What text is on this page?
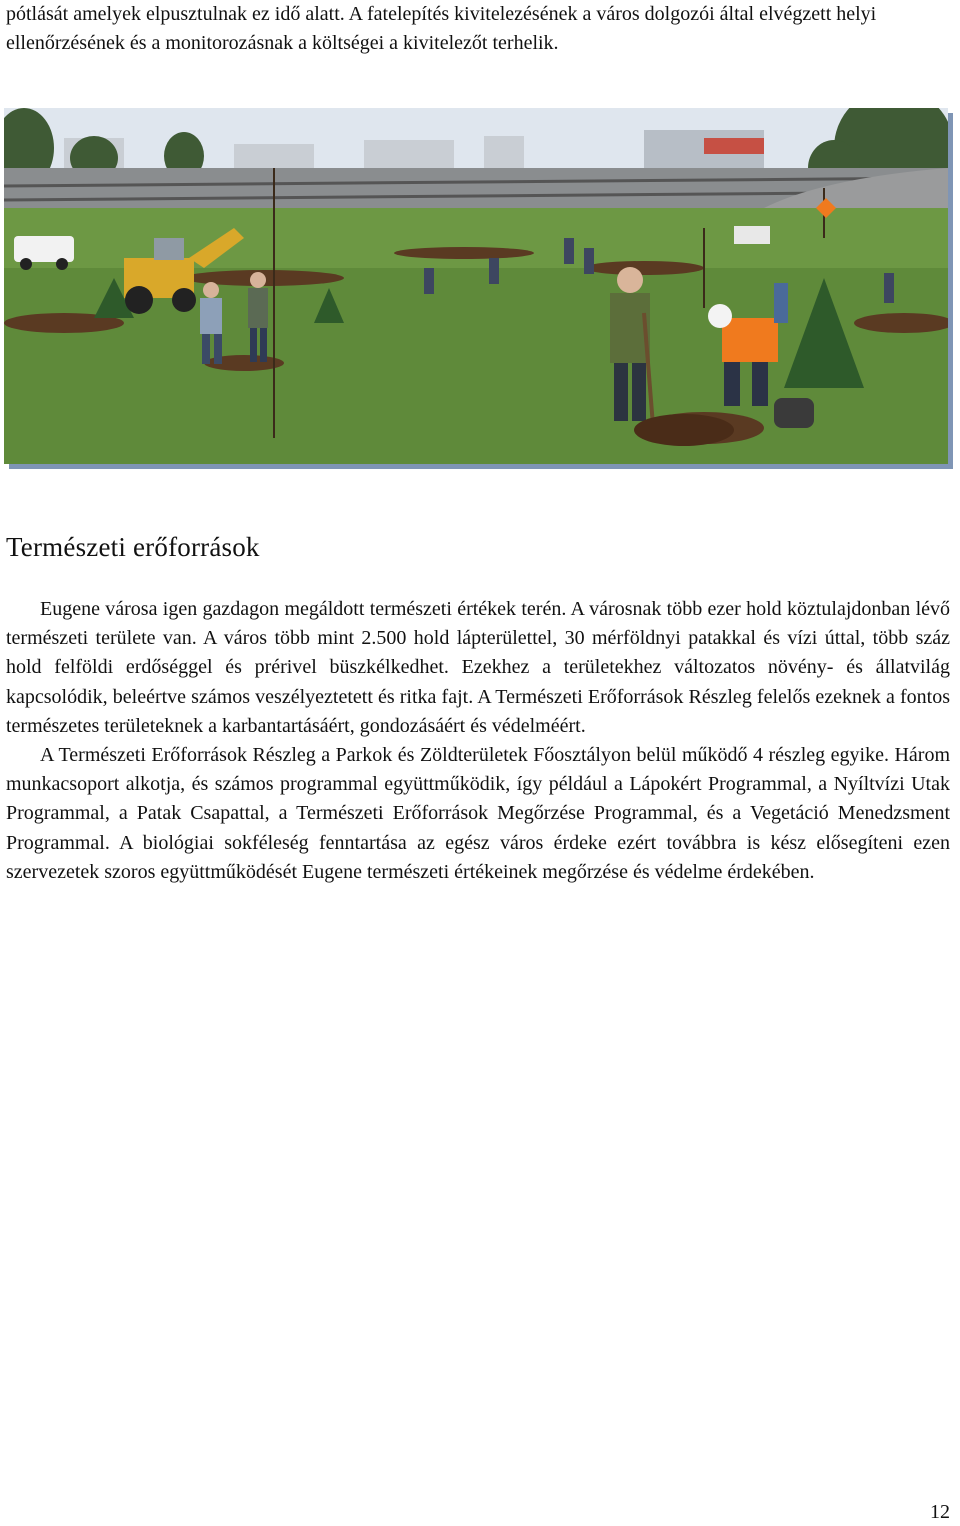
pótlását amelyek elpusztulnak ez idő alatt. A fatelepítés kivitelezésének a város dolgozói által elvégzett helyi ellenőrzésének és a monitorozásnak a költségei a kivitelezőt terhelik.

Természeti erőforrások

Eugene városa igen gazdagon megáldott természeti értékek terén. A városnak több ezer hold köztulajdonban lévő természeti területe van. A város több mint 2.500 hold lápterülettel, 30 mérföldnyi patakkal és vízi úttal, több száz hold felföldi erdőséggel és prérivel büszkélkedhet. Ezekhez a területekhez változatos növény- és állatvilág kapcsolódik, beleértve számos veszélyeztetett és ritka fajt. A Természeti Erőforrások Részleg felelős ezeknek a fontos természetes területeknek a karbantartásáért, gondozásáért és védelméért.

A Természeti Erőforrások Részleg a Parkok és Zöldterületek Főosztályon belül működő 4 részleg egyike. Három munkacsoport alkotja, és számos programmal együttműködik, így például a Lápokért Programmal, a Nyíltvízi Utak Programmal, a Patak Csapattal, a Természeti Erőforrások Megőrzése Programmal, és a Vegetáció Menedzsment Programmal. A biológiai sokféleség fenntartása az egész város érdeke ezért továbbra is kész elősegíteni ezen szervezetek szoros együttműködését Eugene természeti értékeinek megőrzése és védelme érdekében.

12
